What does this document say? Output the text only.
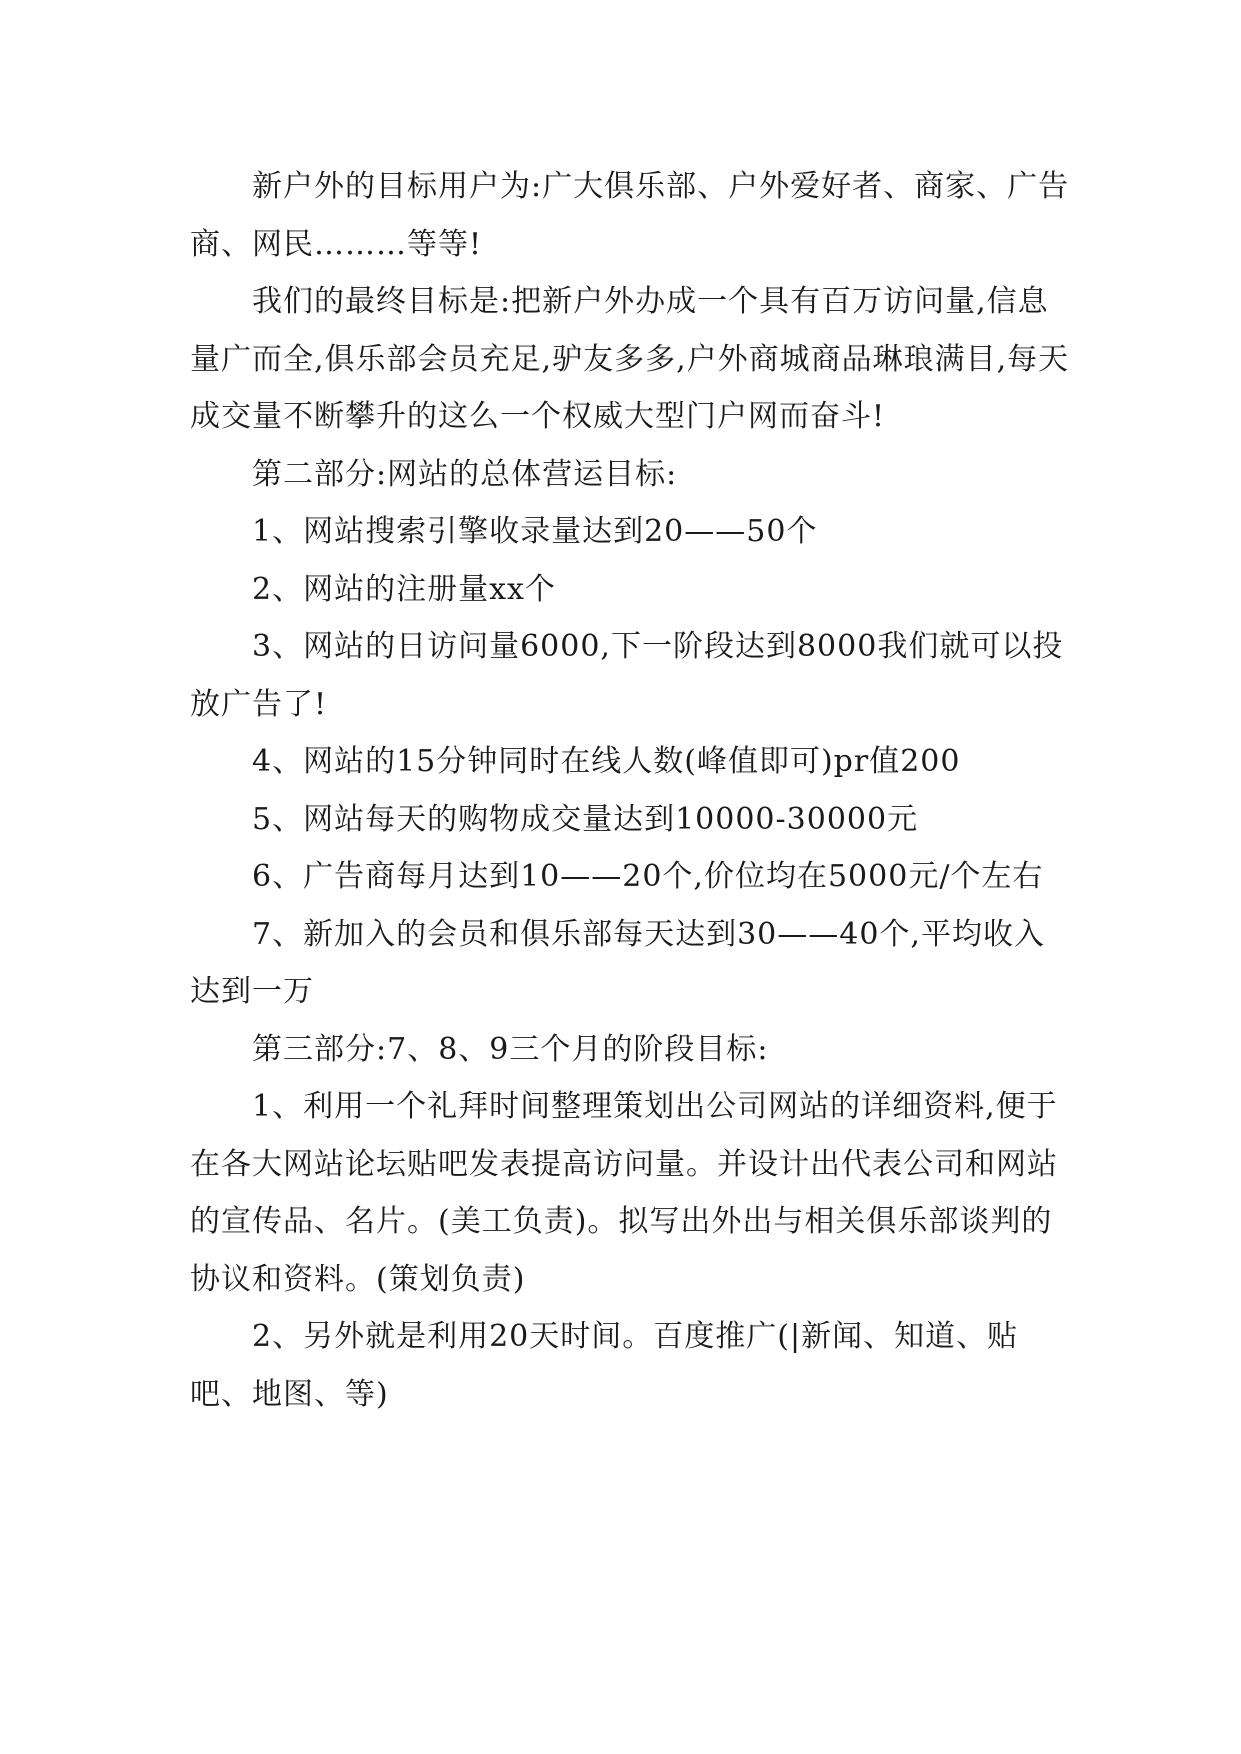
新户外的目标用户为:广大俱乐部、户外爱好者、商家、广告商、网民………等等!

我们的最终目标是:把新户外办成一个具有百万访问量,信息量广而全,俱乐部会员充足,驴友多多,户外商城商品琳琅满目,每天成交量不断攀升的这么一个权威大型门户网而奋斗!

第二部分:网站的总体营运目标:

1、网站搜索引擎收录量达到20——50个

2、网站的注册量xx个

3、网站的日访问量6000,下一阶段达到8000我们就可以投放广告了!

4、网站的15分钟同时在线人数(峰值即可)pr值200

5、网站每天的购物成交量达到10000-30000元

6、广告商每月达到10——20个,价位均在5000元/个左右

7、新加入的会员和俱乐部每天达到30——40个,平均收入达到一万

第三部分:7、8、9三个月的阶段目标:

1、利用一个礼拜时间整理策划出公司网站的详细资料,便于在各大网站论坛贴吧发表提高访问量。并设计出代表公司和网站的宣传品、名片。(美工负责)。拟写出外出与相关俱乐部谈判的协议和资料。(策划负责)

2、另外就是利用20天时间。百度推广(|新闻、知道、贴吧、地图、等)
